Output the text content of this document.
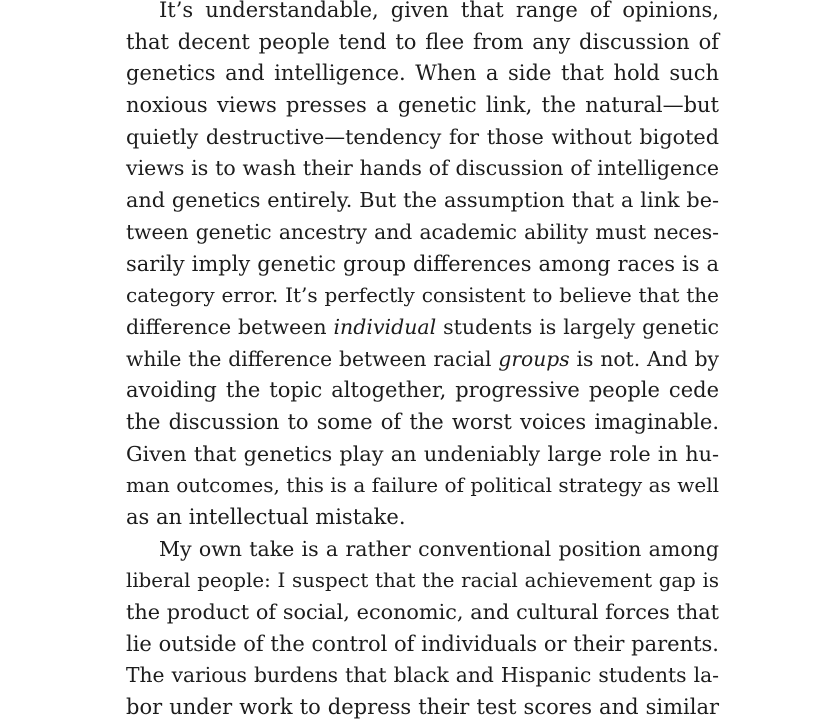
It’s understandable, given that range of opinions,
that decent people tend to flee from any discussion of
genetics and intelligence. When a side that hold such
noxious views presses a genetic link, the natural—but
quietly destructive—tendency for those without bigoted
views is to wash their hands of discussion of intelligence
and genetics entirely. But the assumption that a link be-
tween genetic ancestry and academic ability must neces-
sarily imply genetic group differences among races is a
category error. It’s perfectly consistent to believe that the
difference between individual students is largely genetic
while the difference between racial groups is not. And by
avoiding the topic altogether, progressive people cede
the discussion to some of the worst voices imaginable.
Given that genetics play an undeniably large role in hu-
man outcomes, this is a failure of political strategy as well
as an intellectual mistake.
My own take is a rather conventional position among
liberal people: I suspect that the racial achievement gap is
the product of social, economic, and cultural forces that
lie outside of the control of individuals or their parents.
The various burdens that black and Hispanic students la-
bor under work to depress their test scores and similar
